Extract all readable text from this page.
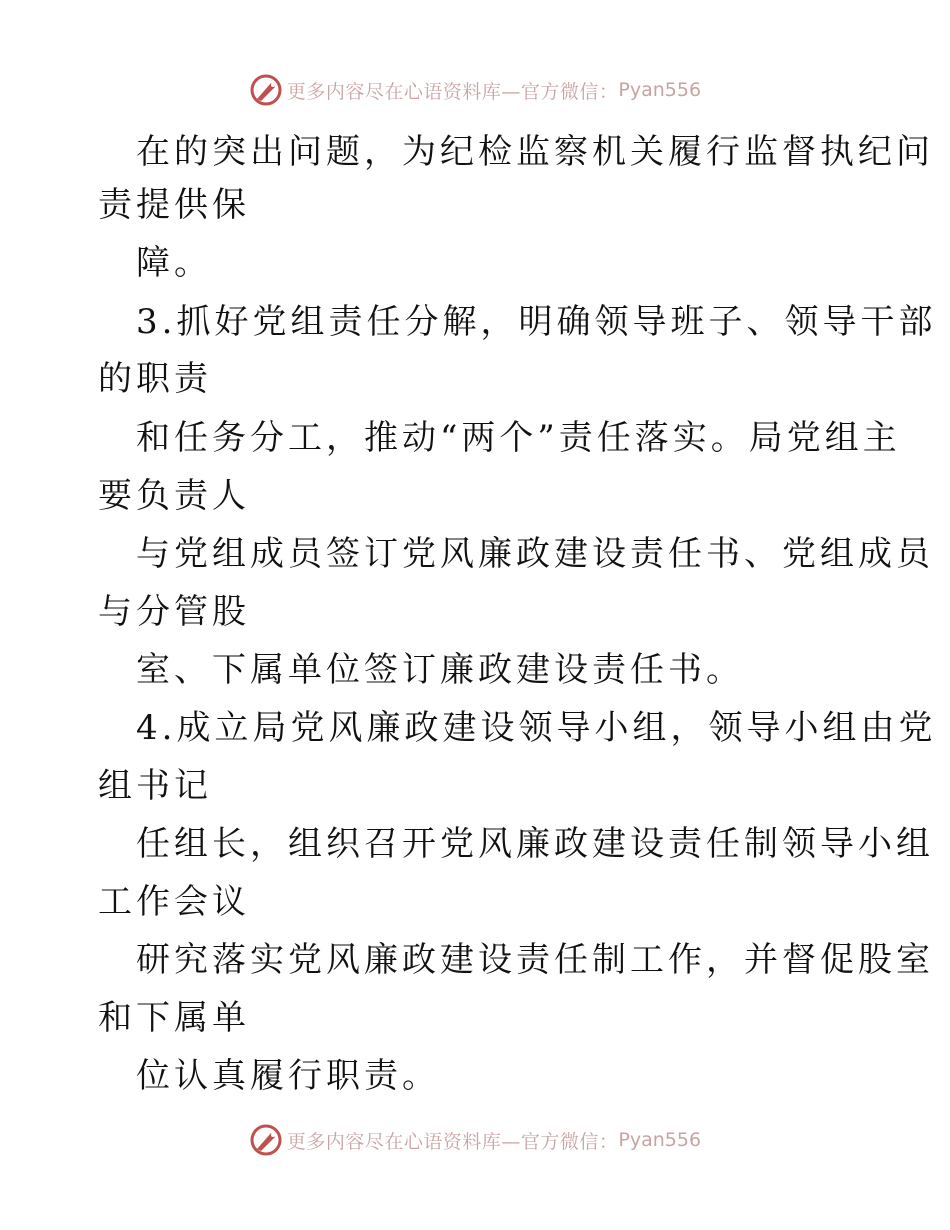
更多内容尽在心语资料库—官方微信： Pyan556
在的突出问题，为纪检监察机关履行监督执纪问
责提供保
障。
3.抓好党组责任分解，明确领导班子、领导干部
的职责
和任务分工，推动“两个”责任落实。局党组主
要负责人
与党组成员签订党风廉政建设责任书、党组成员
与分管股
室、下属单位签订廉政建设责任书。
4.成立局党风廉政建设领导小组，领导小组由党
组书记
任组长，组织召开党风廉政建设责任制领导小组
工作会议
研究落实党风廉政建设责任制工作，并督促股室
和下属单
位认真履行职责。
更多内容尽在心语资料库—官方微信： Pyan556
